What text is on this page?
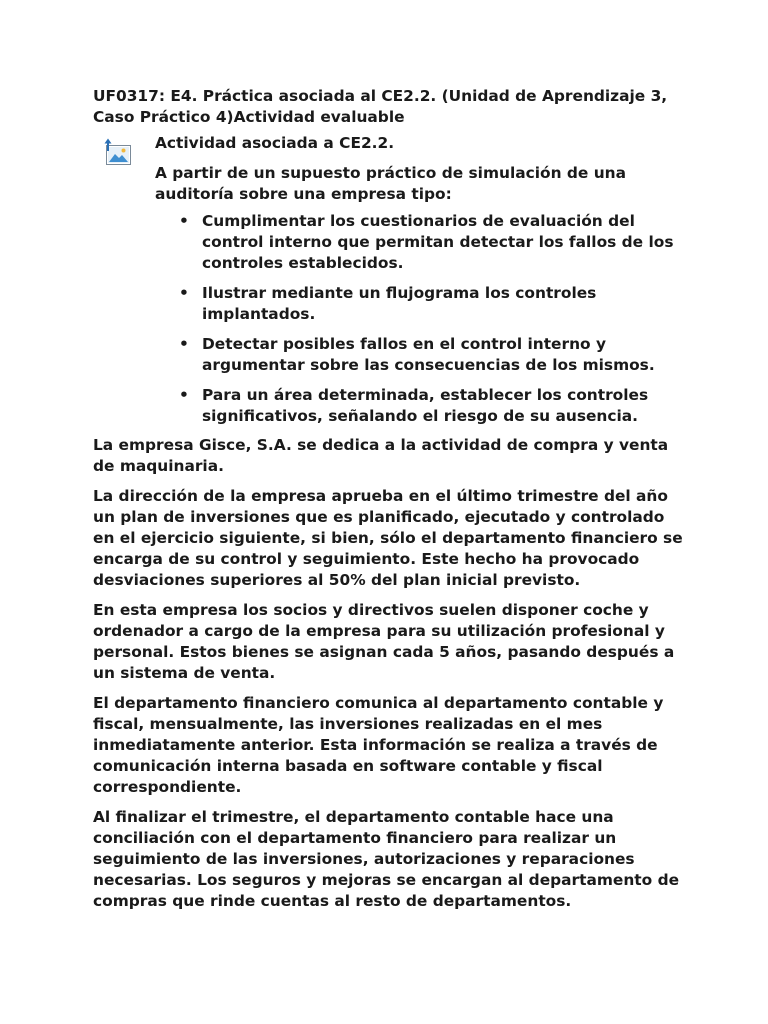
UF0317: E4. Práctica asociada al CE2.2. (Unidad de Aprendizaje 3, Caso Práctico 4)Actividad evaluable

Actividad asociada a CE2.2.

A partir de un supuesto práctico de simulación de una auditoría sobre una empresa tipo:

• Cumplimentar los cuestionarios de evaluación del control interno que permitan detectar los fallos de los controles establecidos.
• Ilustrar mediante un flujograma los controles implantados.
• Detectar posibles fallos en el control interno y argumentar sobre las consecuencias de los mismos.
• Para un área determinada, establecer los controles significativos, señalando el riesgo de su ausencia.

La empresa Gisce, S.A. se dedica a la actividad de compra y venta de maquinaria.

La dirección de la empresa aprueba en el último trimestre del año un plan de inversiones que es planificado, ejecutado y controlado en el ejercicio siguiente, si bien, sólo el departamento financiero se encarga de su control y seguimiento. Este hecho ha provocado desviaciones superiores al 50% del plan inicial previsto.

En esta empresa los socios y directivos suelen disponer coche y ordenador a cargo de la empresa para su utilización profesional y personal. Estos bienes se asignan cada 5 años, pasando después a un sistema de venta.

El departamento financiero comunica al departamento contable y fiscal, mensualmente, las inversiones realizadas en el mes inmediatamente anterior. Esta información se realiza a través de comunicación interna basada en software contable y fiscal correspondiente.

Al finalizar el trimestre, el departamento contable hace una conciliación con el departamento financiero para realizar un seguimiento de las inversiones, autorizaciones y reparaciones necesarias. Los seguros y mejoras se encargan al departamento de compras que rinde cuentas al resto de departamentos.
